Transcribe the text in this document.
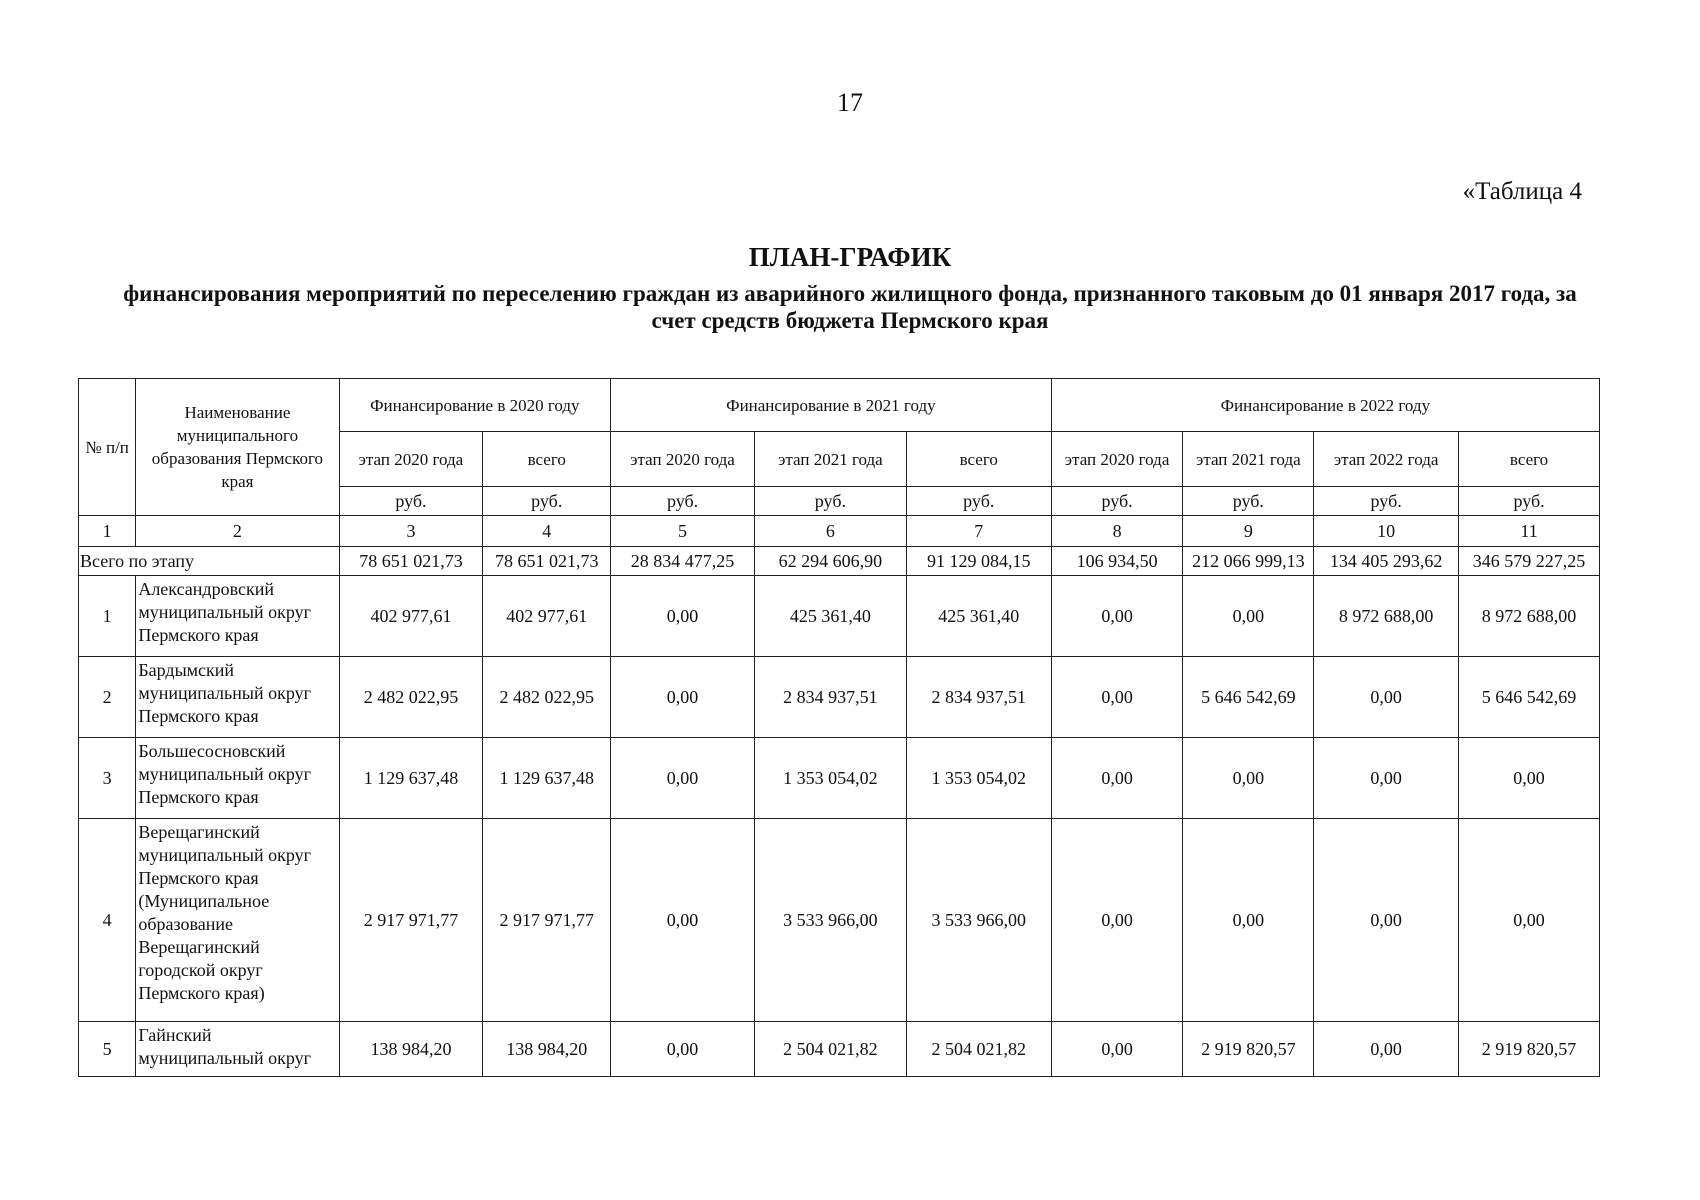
17
«Таблица 4
ПЛАН-ГРАФИК
финансирования мероприятий по переселению граждан из аварийного жилищного фонда, признанного таковым до 01 января 2017 года, за счет средств бюджета Пермского края
№ п/п	Наименование муниципального образования Пермского края	Финансирование в 2020 году		Финансирование в 2021 году			Финансирование в 2022 году			
		этап 2020 года	всего	этап 2020 года	этап 2021 года	всего	этап 2020 года	этап 2021 года	этап 2022 года	всего
		руб.	руб.	руб.	руб.	руб.	руб.	руб.	руб.	руб.
1	2	3	4	5	6	7	8	9	10	11
Всего по этапу		78 651 021,73	78 651 021,73	28 834 477,25	62 294 606,90	91 129 084,15	106 934,50	212 066 999,13	134 405 293,62	346 579 227,25
1	Александровский муниципальный округ Пермского края	402 977,61	402 977,61	0,00	425 361,40	425 361,40	0,00	0,00	8 972 688,00	8 972 688,00
2	Бардымский муниципальный округ Пермского края	2 482 022,95	2 482 022,95	0,00	2 834 937,51	2 834 937,51	0,00	5 646 542,69	0,00	5 646 542,69
3	Большесосновский муниципальный округ Пермского края	1 129 637,48	1 129 637,48	0,00	1 353 054,02	1 353 054,02	0,00	0,00	0,00	0,00
4	Верещагинский муниципальный округ Пермского края (Муниципальное образование Верещагинский городской округ Пермского края)	2 917 971,77	2 917 971,77	0,00	3 533 966,00	3 533 966,00	0,00	0,00	0,00	0,00
5	Гайнский муниципальный округ	138 984,20	138 984,20	0,00	2 504 021,82	2 504 021,82	0,00	2 919 820,57	0,00	2 919 820,57
